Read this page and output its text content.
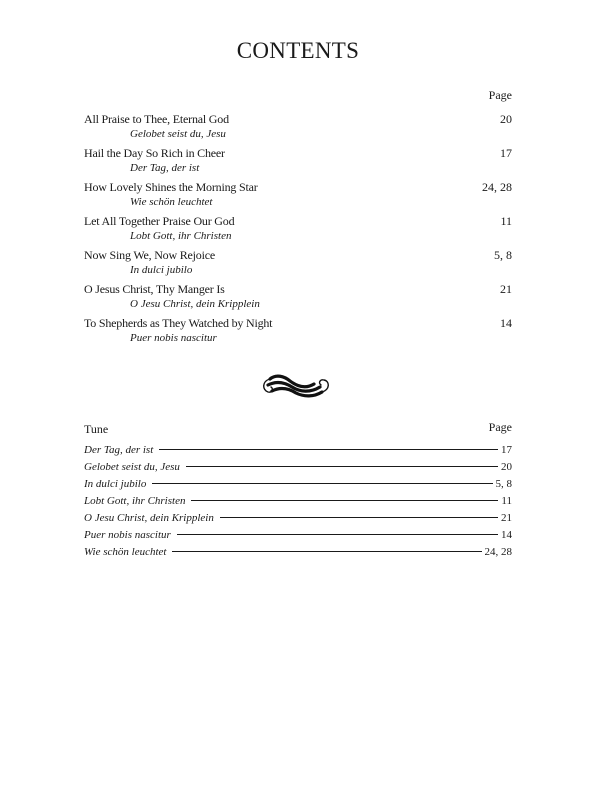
CONTENTS
Page
All Praise to Thee, Eternal God
Gelobet seist du, Jesu
20
Hail the Day So Rich in Cheer
Der Tag, der ist
17
How Lovely Shines the Morning Star
Wie schön leuchtet
24, 28
Let All Together Praise Our God
Lobt Gott, ihr Christen
11
Now Sing We, Now Rejoice
In dulci jubilo
5, 8
O Jesus Christ, Thy Manger Is
O Jesu Christ, dein Kripplein
21
To Shepherds as They Watched by Night
Puer nobis nascitur
14
Tune	Page
Der Tag, der ist	17
Gelobet seist du, Jesu	20
In dulci jubilo	5, 8
Lobt Gott, ihr Christen	11
O Jesu Christ, dein Kripplein	21
Puer nobis nascitur	14
Wie schön leuchtet	24, 28
